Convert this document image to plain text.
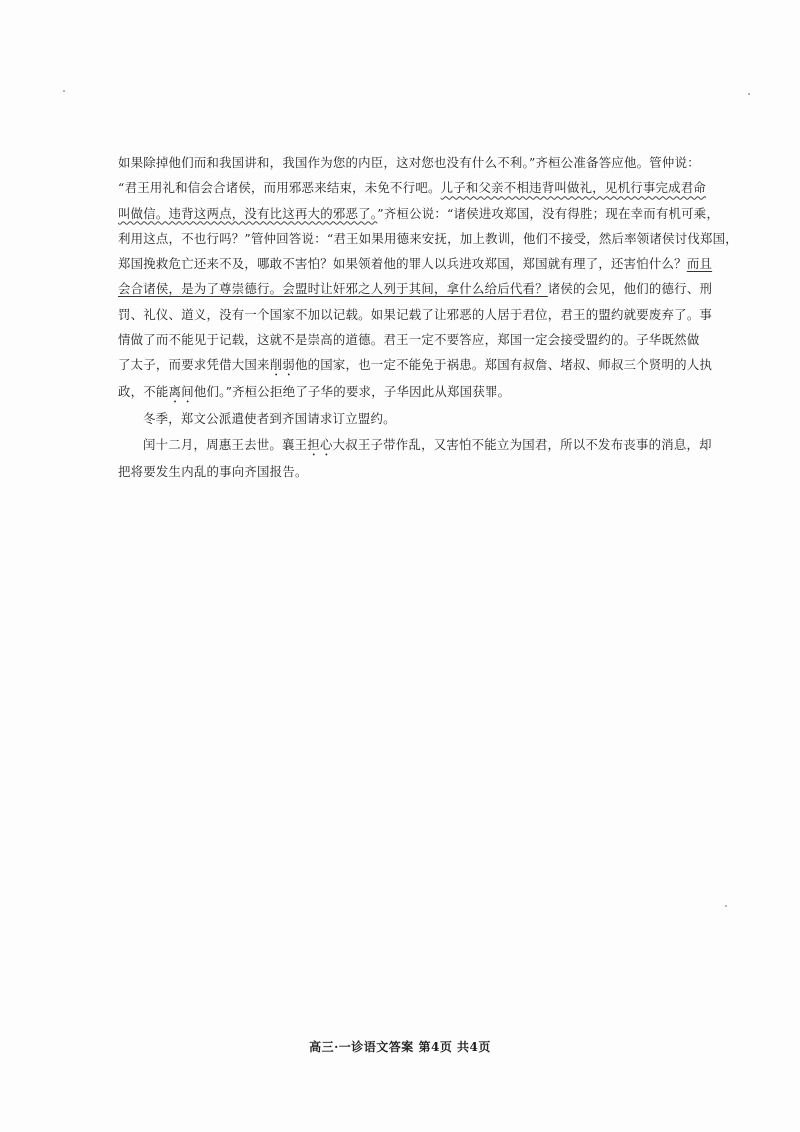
如果除掉他们而和我国讲和，我国作为您的内臣，这对您也没有什么不利。”齐桓公准备答应他。管仲说：
“君王用礼和信会合诸侯，而用邪恶来结束，未免不行吧。儿子和父亲不相违背叫做礼，见机行事完成君命
叫做信。违背这两点，没有比这再大的邪恶了。”齐桓公说：“诸侯进攻郑国，没有得胜；现在幸而有机可乘，
利用这点，不也行吗？”管仲回答说：“君王如果用德来安抚，加上教训，他们不接受，然后率领诸侯讨伐郑国，
郑国挽救危亡还来不及，哪敢不害怕？如果领着他的罪人以兵进攻郑国，郑国就有理了，还害怕什么？而且
会合诸侯，是为了尊崇德行。会盟时让奸邪之人列于其间，拿什么给后代看？诸侯的会见，他们的德行、刑
罚、礼仪、道义，没有一个国家不加以记载。如果记载了让邪恶的人居于君位，君王的盟约就要废弃了。事
情做了而不能见于记载，这就不是崇高的道德。君王一定不要答应，郑国一定会接受盟约的。子华既然做
了太子，而要求凭借大国来削弱他的国家，也一定不能免于祸患。郑国有叔詹、堵叔、师叔三个贤明的人执
政，不能离间他们。”齐桓公拒绝了子华的要求，子华因此从郑国获罪。
冬季，郑文公派遣使者到齐国请求订立盟约。
闰十二月，周惠王去世。襄王担心大叔王子带作乱，又害怕不能立为国君，所以不发布丧事的消息，却
把将要发生内乱的事向齐国报告。
高三·一诊语文答案 第4页 共4页
